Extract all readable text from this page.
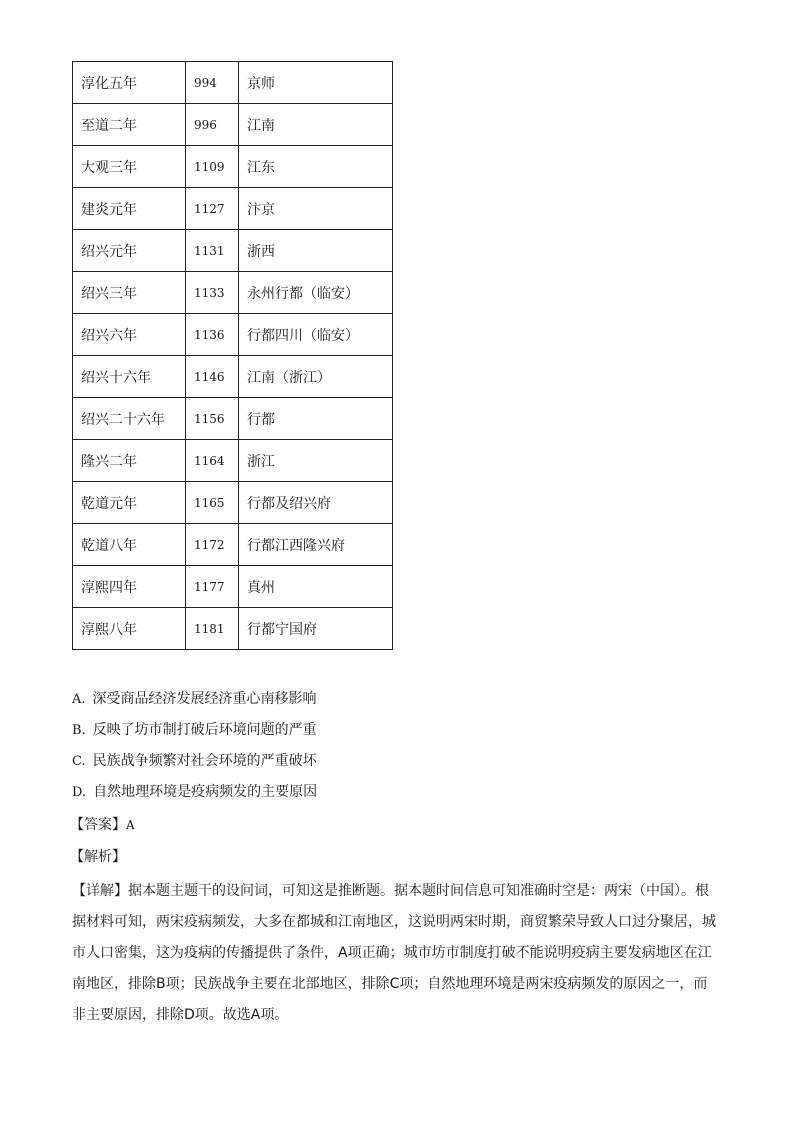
淳化五年	994	京师
至道二年	996	江南
大观三年	1109	江东
建炎元年	1127	汴京
绍兴元年	1131	浙西
绍兴三年	1133	永州行都（临安）
绍兴六年	1136	行都四川（临安）
绍兴十六年	1146	江南（浙江）
绍兴二十六年	1156	行都
隆兴二年	1164	浙江
乾道元年	1165	行都及绍兴府
乾道八年	1172	行都江西隆兴府
淳熙四年	1177	真州
淳熙八年	1181	行都宁国府
A.  深受商品经济发展经济重心南移影响
B.  反映了坊市制打破后环境问题的严重
C.  民族战争频繁对社会环境的严重破坏
D.  自然地理环境是疫病频发的主要原因
【答案】A
【解析】
【详解】据本题主题干的设问词，可知这是推断题。据本题时间信息可知准确时空是：两宋（中国）。根
据材料可知，两宋疫病频发，大多在都城和江南地区，这说明两宋时期，商贸繁荣导致人口过分聚居，城
市人口密集，这为疫病的传播提供了条件，A项正确；城市坊市制度打破不能说明疫病主要发病地区在江
南地区，排除B项；民族战争主要在北部地区，排除C项；自然地理环境是两宋疫病频发的原因之一，而
非主要原因，排除D项。故选A项。
